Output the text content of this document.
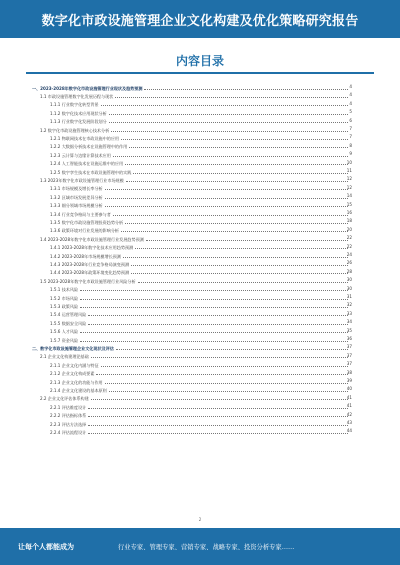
数字化市政设施管理企业文化构建及优化策略研究报告
内容目录
一、2023-2028年数字化市政设施管理行业现状及趋势预测	4
1.1 市政设施管理数字化发展历程与现状	4
1.1.1 行业数字化转型背景	4
1.1.2 数字化技术应用现状分析	5
1.1.3 行业数字化发展阶段划分	6
1.2 数字化市政设施管理核心技术分析	7
1.2.1 物联网技术在市政设施中的应用	7
1.2.2 大数据分析技术在设施管理中的作用	8
1.2.3 云计算与边缘计算技术应用	9
1.2.4 人工智能技术在设施运维中的应用	10
1.2.5 数字孪生技术在市政设施管理中的实践	11
1.3 2023年数字化市政设施管理行业市场规模	12
1.3.1 市场规模及增长率分析	12
1.3.2 区域市场发展差异分析	14
1.3.3 细分领域市场规模分析	15
1.3.4 行业竞争格局与主要参与者	16
1.3.5 数字化市政设施管理投资趋势分析	18
1.3.6 政策环境对行业发展的影响分析	20
1.4 2023-2028年数字化市政设施管理行业发展趋势预测	22
1.4.1 2023-2028年数字化技术应用趋势预测	22
1.4.2 2023-2028年市场规模增长预测	24
1.4.3 2023-2028年行业竞争格局演变预测	26
1.4.4 2023-2028年政策环境变化趋势预测	28
1.5 2023-2028年数字化市政设施管理行业风险分析	30
1.5.1 技术风险	30
1.5.2 市场风险	31
1.5.3 政策风险	32
1.5.4 运营管理风险	33
1.5.5 数据安全风险	34
1.5.6 人才风险	35
1.5.7 资金风险	36
二、数字化市政设施管理企业文化现状及评估	37
2.1 企业文化构建理论基础	37
2.1.1 企业文化内涵与特征	37
2.1.2 企业文化构成要素	38
2.1.3 企业文化的功能与作用	39
2.1.4 企业文化建设的基本原则	40
2.2 企业文化评估体系构建	41
2.2.1 评估维度设计	41
2.2.2 评估指标体系	42
2.2.3 评估方法选择	43
2.2.4 评估流程设计	44
2
让每个人都能成为	行业专家、管理专家、营销专家、战略专家、投资分析专家……
